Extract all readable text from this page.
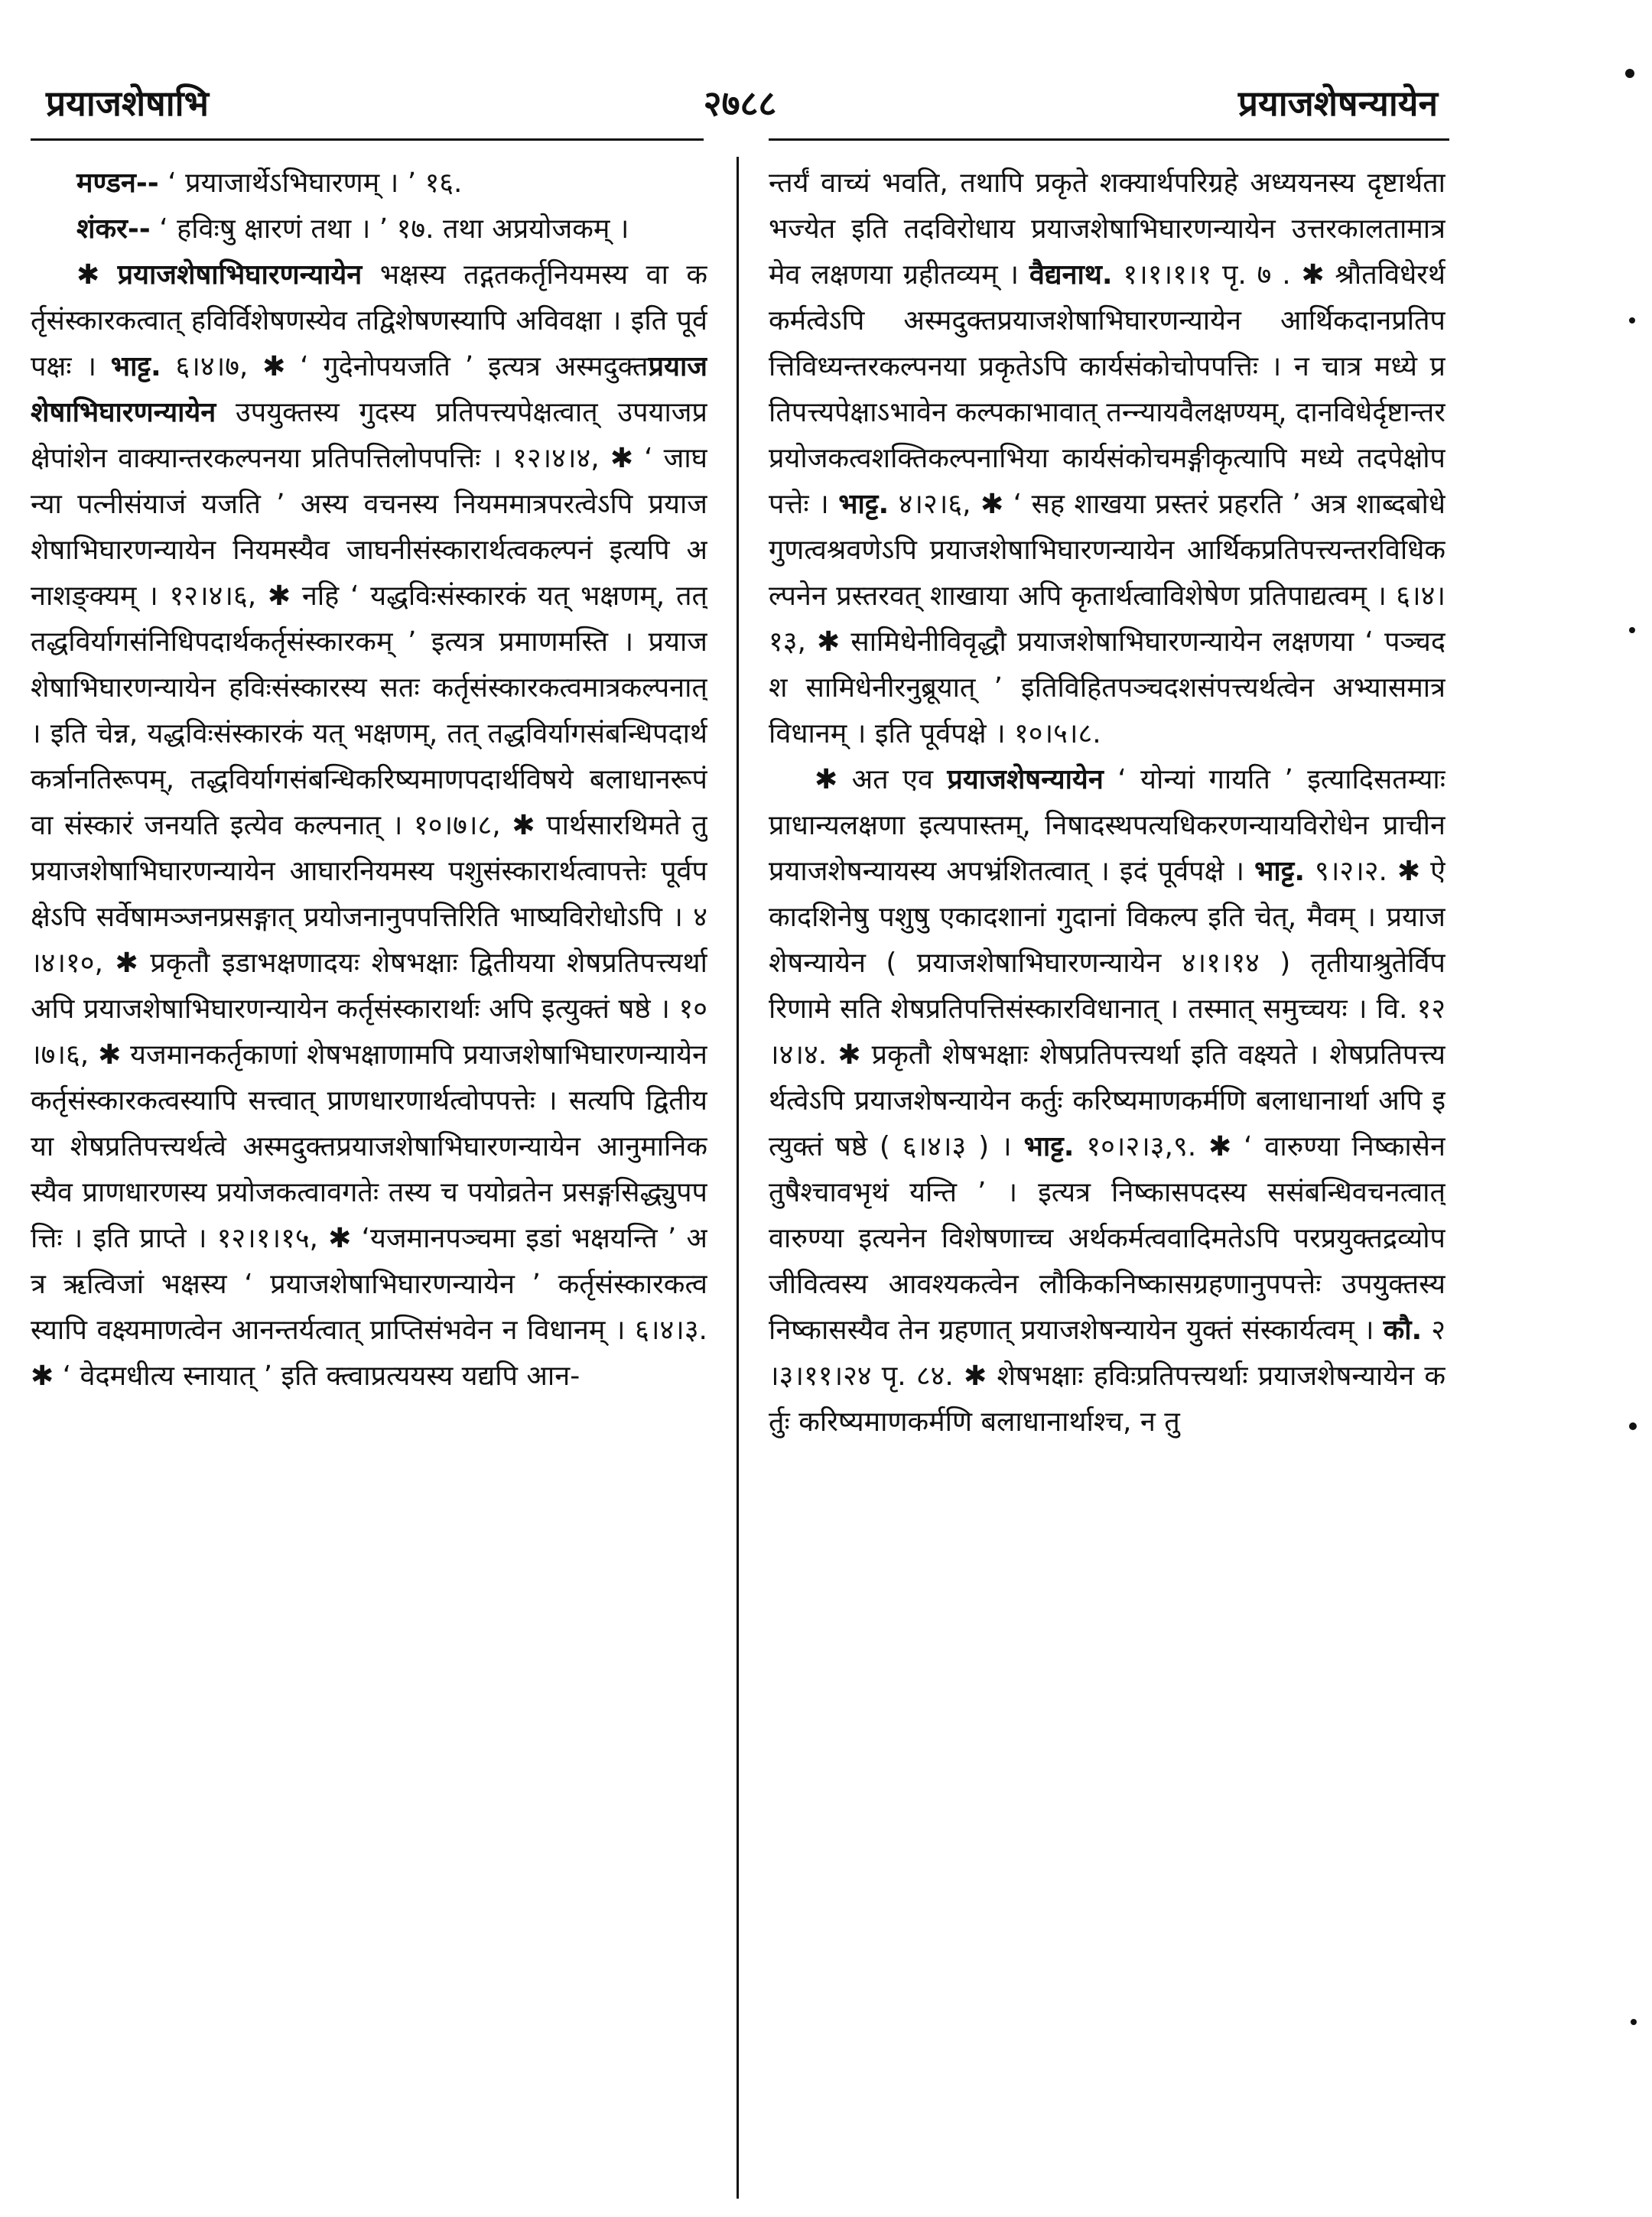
प्रयाजशेषाभि	२७८८	प्रयाजशेषन्यायेन

मण्डन-- ‘ प्रयाजार्थेऽभिघारणम् । ’ १६.

शंकर-- ‘ हविःषु क्षारणं तथा । ’ १७. तथा अप्रयोजकम् ।

✱ प्रयाजशेषाभिघारणन्यायेन भक्षस्य तद्गतकर्तृनियमस्य वा कर्तृसंस्कारकत्वात् हविर्विशेषणस्येव तद्विशेषणस्यापि अविवक्षा । इति पूर्वपक्षः । भाट्ट. ६।४।७, ✱ ‘ गुदेनोपयजति ’ इत्यत्र अस्मदुक्तप्रयाजशेषाभिघारणन्यायेन उपयुक्तस्य गुदस्य प्रतिपत्त्यपेक्षत्वात् उपयाजप्रक्षेपांशेन वाक्यान्तरकल्पनया प्रतिपत्तिलोपपत्तिः । १२।४।४, ✱ ‘ जाघन्या पत्नीसंयाजं यजति ’ अस्य वचनस्य नियममात्रपरत्वेऽपि प्रयाजशेषाभिघारणन्यायेन नियमस्यैव जाघनीसंस्कारार्थत्वकल्पनं इत्यपि अनाशङ्क्यम् । १२।४।६, ✱ नहि ‘ यद्धविःसंस्कारकं यत् भक्षणम्, तत् तद्धविर्यागसंनिधिपदार्थकर्तृसंस्कारकम् ’ इत्यत्र प्रमाणमस्ति । प्रयाजशेषाभिघारणन्यायेन हविःसंस्कारस्य सतः कर्तृसंस्कारकत्वमात्रकल्पनात् । इति चेन्न, यद्धविःसंस्कारकं यत् भक्षणम्, तत् तद्धविर्यागसंबन्धिपदार्थकर्त्रानतिरूपम्, तद्धविर्यागसंबन्धिकरिष्यमाणपदार्थविषये बलाधानरूपं वा संस्कारं जनयति इत्येव कल्पनात् । १०।७।८, ✱ पार्थसारथिमते तु प्रयाजशेषाभिघारणन्यायेन आघारनियमस्य पशुसंस्कारार्थत्वापत्तेः पूर्वपक्षेऽपि सर्वेषामञ्जनप्रसङ्गात् प्रयोजनानुपपत्तिरिति भाष्यविरोधोऽपि । ४।४।१०, ✱ प्रकृतौ इडाभक्षणादयः शेषभक्षाः द्वितीयया शेषप्रतिपत्त्यर्था अपि प्रयाजशेषाभिघारणन्यायेन कर्तृसंस्कारार्थाः अपि इत्युक्तं षष्ठे । १०।७।६, ✱ यजमानकर्तृकाणां शेषभक्षाणामपि प्रयाजशेषाभिघारणन्यायेन कर्तृसंस्कारकत्वस्यापि सत्त्वात् प्राणधारणार्थत्वोपपत्तेः । सत्यपि द्वितीयया शेषप्रतिपत्त्यर्थत्वे अस्मदुक्तप्रयाजशेषाभिघारणन्यायेन आनुमानिकस्यैव प्राणधारणस्य प्रयोजकत्वावगतेः तस्य च पयोव्रतेन प्रसङ्गसिद्ध्युपपत्तिः । इति प्राप्ते । १२।१।१५, ✱ ‘यजमानपञ्चमा इडां भक्षयन्ति ’ अत्र ऋत्विजां भक्षस्य ‘ प्रयाजशेषाभिघारणन्यायेन ’ कर्तृसंस्कारकत्वस्यापि वक्ष्यमाणत्वेन आनन्तर्यत्वात् प्राप्तिसंभवेन न विधानम् । ६।४।३. ✱ ‘ वेदमधीत्य स्नायात् ’ इति क्त्वाप्रत्ययस्य यद्यपि आन-

न्तर्यं वाच्यं भवति, तथापि प्रकृते शक्यार्थपरिग्रहे अध्ययनस्य दृष्टार्थता भज्येत इति तदविरोधाय प्रयाजशेषाभिघारणन्यायेन उत्तरकालतामात्रमेव लक्षणया ग्रहीतव्यम् । वैद्यनाथ. १।१।१।१ पृ. ७ . ✱ श्रौतविधेरर्थकर्मत्वेऽपि अस्मदुक्तप्रयाजशेषाभिघारणन्यायेन आर्थिकदानप्रतिपत्तिविध्यन्तरकल्पनया प्रकृतेऽपि कार्यसंकोचोपपत्तिः । न चात्र मध्ये प्रतिपत्त्यपेक्षाऽभावेन कल्पकाभावात् तन्न्यायवैलक्षण्यम्, दानविधेर्दृष्टान्तरप्रयोजकत्वशक्तिकल्पनाभिया कार्यसंकोचमङ्गीकृत्यापि मध्ये तदपेक्षोपपत्तेः । भाट्ट. ४।२।६, ✱ ‘ सह शाखया प्रस्तरं प्रहरति ’ अत्र शाब्दबोधे गुणत्वश्रवणेऽपि प्रयाजशेषाभिघारणन्यायेन आर्थिकप्रतिपत्त्यन्तरविधिकल्पनेन प्रस्तरवत् शाखाया अपि कृतार्थत्वाविशेषेण प्रतिपाद्यत्वम् । ६।४।१३, ✱ सामिधेनीविवृद्धौ प्रयाजशेषाभिघारणन्यायेन लक्षणया ‘ पञ्चदश सामिधेनीरनुब्रूयात् ’ इतिविहितपञ्चदशसंपत्त्यर्थत्वेन अभ्यासमात्रविधानम् । इति पूर्वपक्षे । १०।५।८.

✱ अत एव प्रयाजशेषन्यायेन ‘ योन्यां गायति ’ इत्यादिसतम्याः प्राधान्यलक्षणा इत्यपास्तम्, निषादस्थपत्यधिकरणन्यायविरोधेन प्राचीनप्रयाजशेषन्यायस्य अपभ्रंशितत्वात् । इदं पूर्वपक्षे । भाट्ट. ९।२।२. ✱ ऐकादशिनेषु पशुषु एकादशानां गुदानां विकल्प इति चेत्, मैवम् । प्रयाजशेषन्यायेन ( प्रयाजशेषाभिघारणन्यायेन ४।१।१४ ) तृतीयाश्रुतेर्विपरिणामे सति शेषप्रतिपत्तिसंस्कारविधानात् । तस्मात् समुच्चयः । वि. १२।४।४. ✱ प्रकृतौ शेषभक्षाः शेषप्रतिपत्त्यर्था इति वक्ष्यते । शेषप्रतिपत्त्यर्थत्वेऽपि प्रयाजशेषन्यायेन कर्तुः करिष्यमाणकर्मणि बलाधानार्था अपि इत्युक्तं षष्ठे ( ६।४।३ ) । भाट्ट. १०।२।३,९. ✱ ‘ वारुण्या निष्कासेन तुषैश्चावभृथं यन्ति ’ । इत्यत्र निष्कासपदस्य ससंबन्धिवचनत्वात् वारुण्या इत्यनेन विशेषणाच्च अर्थकर्मत्ववादिमतेऽपि परप्रयुक्तद्रव्योपजीवित्वस्य आवश्यकत्वेन लौकिकनिष्कासग्रहणानुपपत्तेः उपयुक्तस्य निष्कासस्यैव तेन ग्रहणात् प्रयाजशेषन्यायेन युक्तं संस्कार्यत्वम् । कौ. २।३।११।२४ पृ. ८४. ✱ शेषभक्षाः हविःप्रतिपत्त्यर्थाः प्रयाजशेषन्यायेन कर्तुः करिष्यमाणकर्मणि बलाधानार्थाश्च, न तु
